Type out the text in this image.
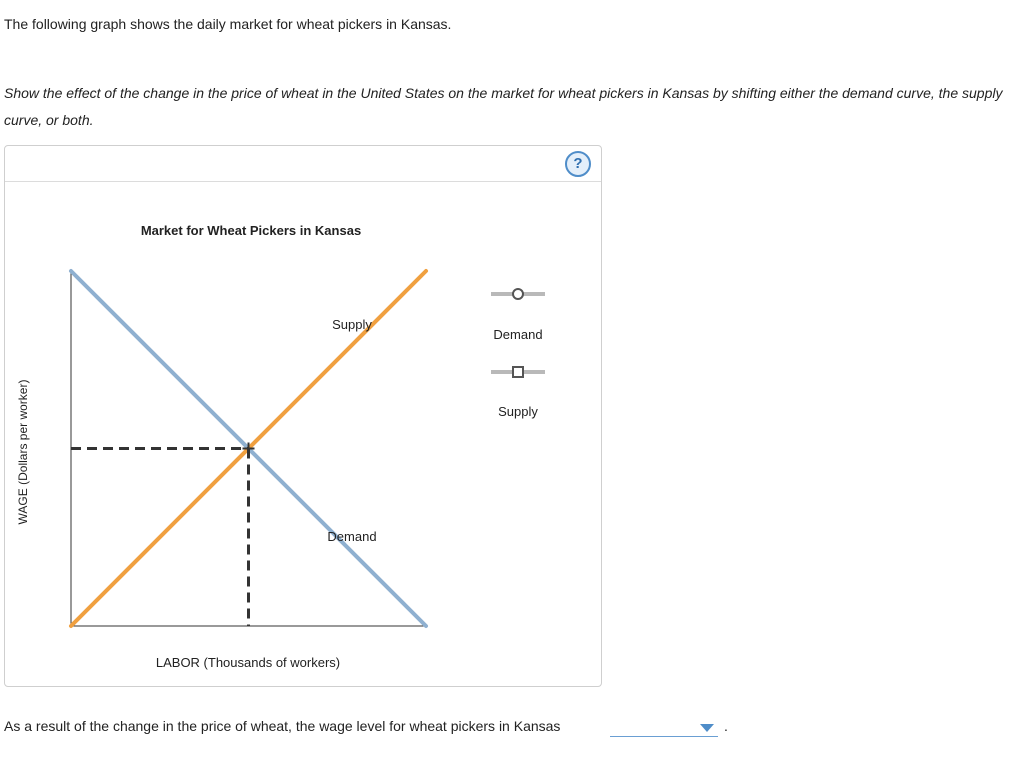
The following graph shows the daily market for wheat pickers in Kansas.
Show the effect of the change in the price of wheat in the United States on the market for wheat pickers in Kansas by shifting either the demand curve, the supply curve, or both.
?
Market for Wheat Pickers in Kansas
WAGE (Dollars per worker)
LABOR (Thousands of workers)
Supply
Demand
Demand
Supply
As a result of the change in the price of wheat, the wage level for wheat pickers in Kansas	.
